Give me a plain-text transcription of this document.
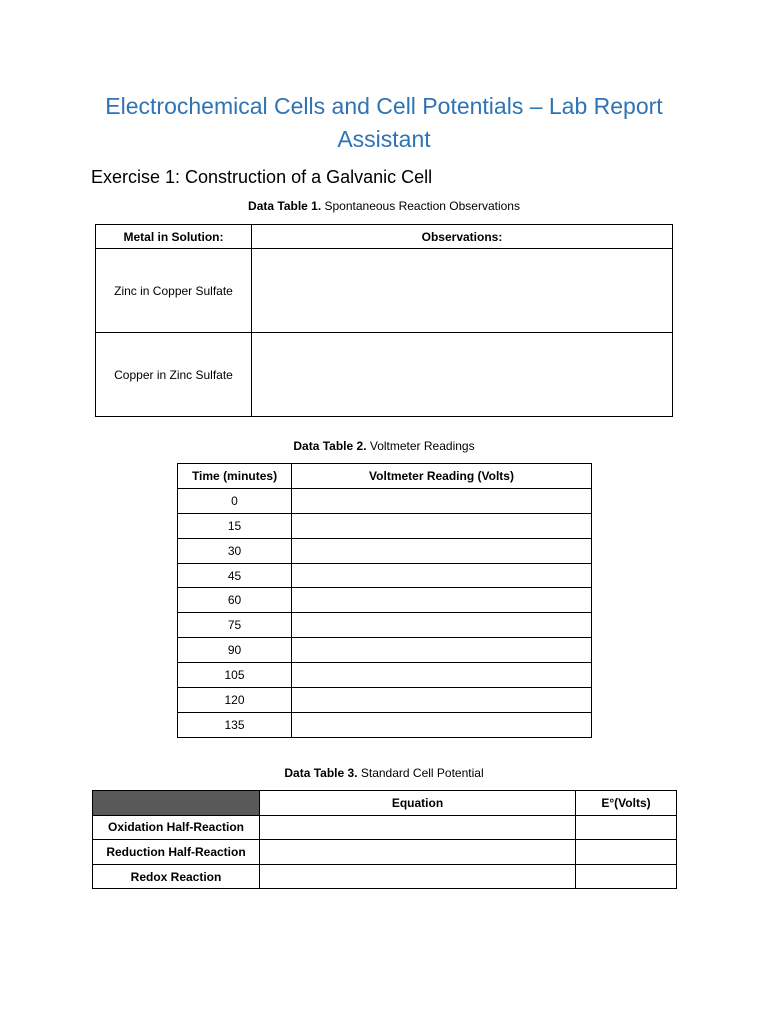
Electrochemical Cells and Cell Potentials – Lab Report
Assistant
Exercise 1: Construction of a Galvanic Cell
Data Table 1. Spontaneous Reaction Observations
Metal in Solution:	Observations:
Zinc in Copper Sulfate	
Copper in Zinc Sulfate	
Data Table 2. Voltmeter Readings
Time (minutes)	Voltmeter Reading (Volts)
0	
15	
30	
45	
60	
75	
90	
105	
120	
135	
Data Table 3. Standard Cell Potential
	Equation	E°(Volts)
Oxidation Half-Reaction		
Reduction Half-Reaction		
Redox Reaction		
